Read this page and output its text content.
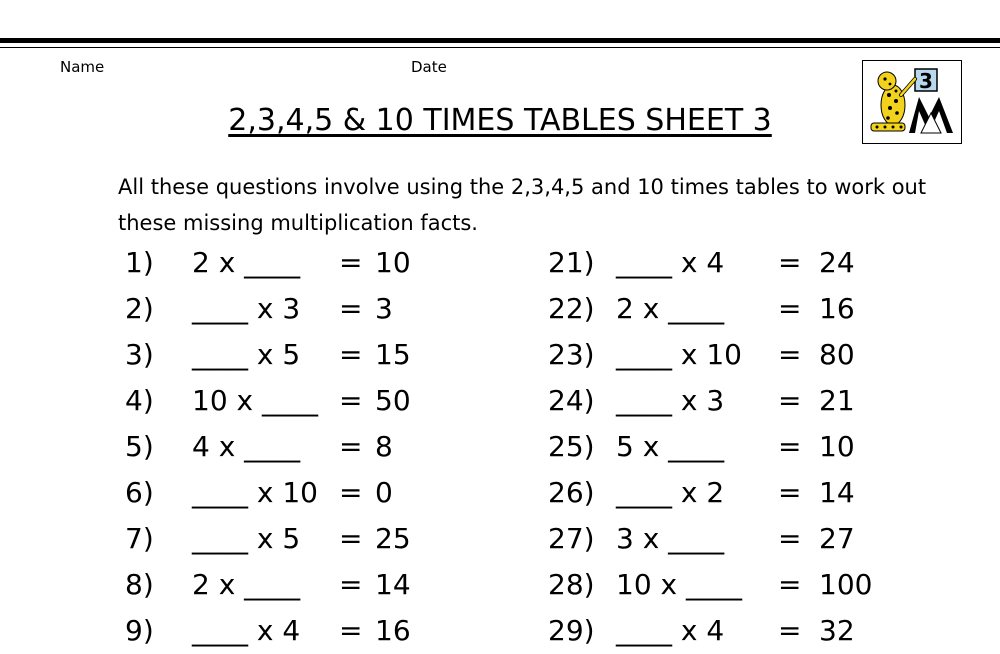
Name	Date
2,3,4,5 & 10 TIMES TABLES SHEET 3
3
All these questions involve using the 2,3,4,5 and 10 times tables to work out these missing multiplication facts.
1) 2 x ____ = 10
2) ____ x 3 = 3
3) ____ x 5 = 15
4) 10 x ____ = 50
5) 4 x ____ = 8
6) ____ x 10 = 0
7) ____ x 5 = 25
8) 2 x ____ = 14
9) ____ x 4 = 16
21) ____ x 4 = 24
22) 2 x ____ = 16
23) ____ x 10 = 80
24) ____ x 3 = 21
25) 5 x ____ = 10
26) ____ x 2 = 14
27) 3 x ____ = 27
28) 10 x ____ = 100
29) ____ x 4 = 32
